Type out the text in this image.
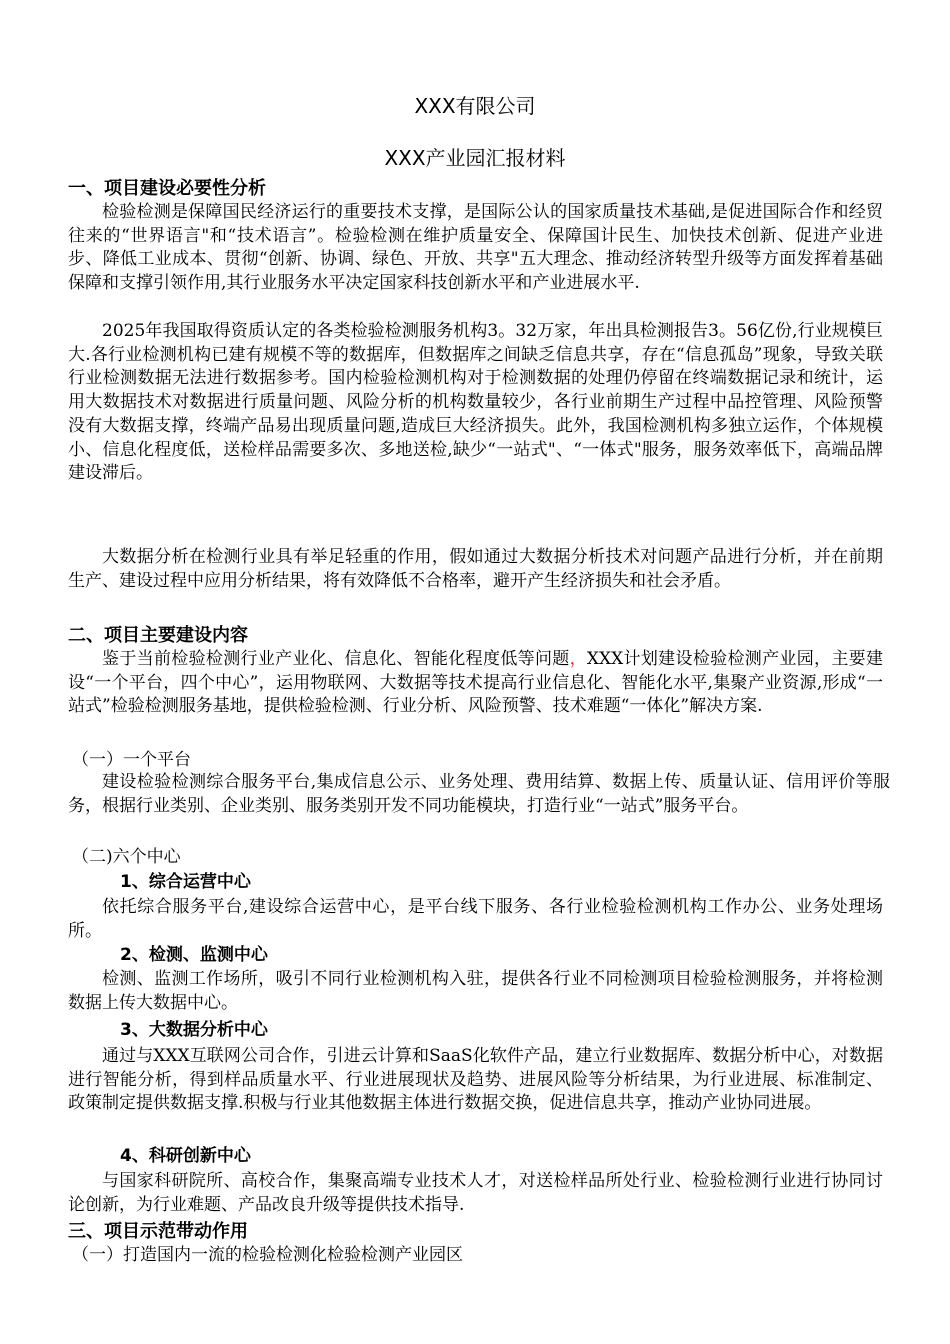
XXX有限公司
XXX产业园汇报材料
一、项目建设必要性分析

检验检测是保障国民经济运行的重要技术支撑，是国际公认的国家质量技术基础,是促进国际合作和经贸往来的“世界语言"和“技术语言”。检验检测在维护质量安全、保障国计民生、加快技术创新、促进产业进步、降低工业成本、贯彻“创新、协调、绿色、开放、共享"五大理念、推动经济转型升级等方面发挥着基础保障和支撑引领作用,其行业服务水平决定国家科技创新水平和产业进展水平.

2025年我国取得资质认定的各类检验检测服务机构3。32万家，年出具检测报告3。56亿份,行业规模巨大.各行业检测机构已建有规模不等的数据库，但数据库之间缺乏信息共享，存在“信息孤岛”现象，导致关联行业检测数据无法进行数据参考。国内检验检测机构对于检测数据的处理仍停留在终端数据记录和统计，运用大数据技术对数据进行质量问题、风险分析的机构数量较少，各行业前期生产过程中品控管理、风险预警没有大数据支撑，终端产品易出现质量问题,造成巨大经济损失。此外，我国检测机构多独立运作，个体规模小、信息化程度低，送检样品需要多次、多地送检,缺少“一站式"、“一体式"服务，服务效率低下，高端品牌建设滞后。

大数据分析在检测行业具有举足轻重的作用，假如通过大数据分析技术对问题产品进行分析，并在前期生产、建设过程中应用分析结果，将有效降低不合格率，避开产生经济损失和社会矛盾。

二、项目主要建设内容

鉴于当前检验检测行业产业化、信息化、智能化程度低等问题，XXX计划建设检验检测产业园，主要建设“一个平台，四个中心”，运用物联网、大数据等技术提高行业信息化、智能化水平,集聚产业资源,形成“一站式”检验检测服务基地，提供检验检测、行业分析、风险预警、技术难题“一体化”解决方案.

（一）一个平台

建设检验检测综合服务平台,集成信息公示、业务处理、费用结算、数据上传、质量认证、信用评价等服务，根据行业类别、企业类别、服务类别开发不同功能模块，打造行业“一站式”服务平台。

（二)六个中心
1、综合运营中心

依托综合服务平台,建设综合运营中心，是平台线下服务、各行业检验检测机构工作办公、业务处理场所。

2、检测、监测中心

检测、监测工作场所，吸引不同行业检测机构入驻，提供各行业不同检测项目检验检测服务，并将检测数据上传大数据中心。

3、大数据分析中心

通过与XXX互联网公司合作，引进云计算和SaaS化软件产品，建立行业数据库、数据分析中心，对数据进行智能分析，得到样品质量水平、行业进展现状及趋势、进展风险等分析结果，为行业进展、标准制定、政策制定提供数据支撑.积极与行业其他数据主体进行数据交换，促进信息共享，推动产业协同进展。

4、科研创新中心

与国家科研院所、高校合作，集聚高端专业技术人才，对送检样品所处行业、检验检测行业进行协同讨论创新，为行业难题、产品改良升级等提供技术指导.

三、项目示范带动作用
（一）打造国内一流的检验检测化检验检测产业园区
